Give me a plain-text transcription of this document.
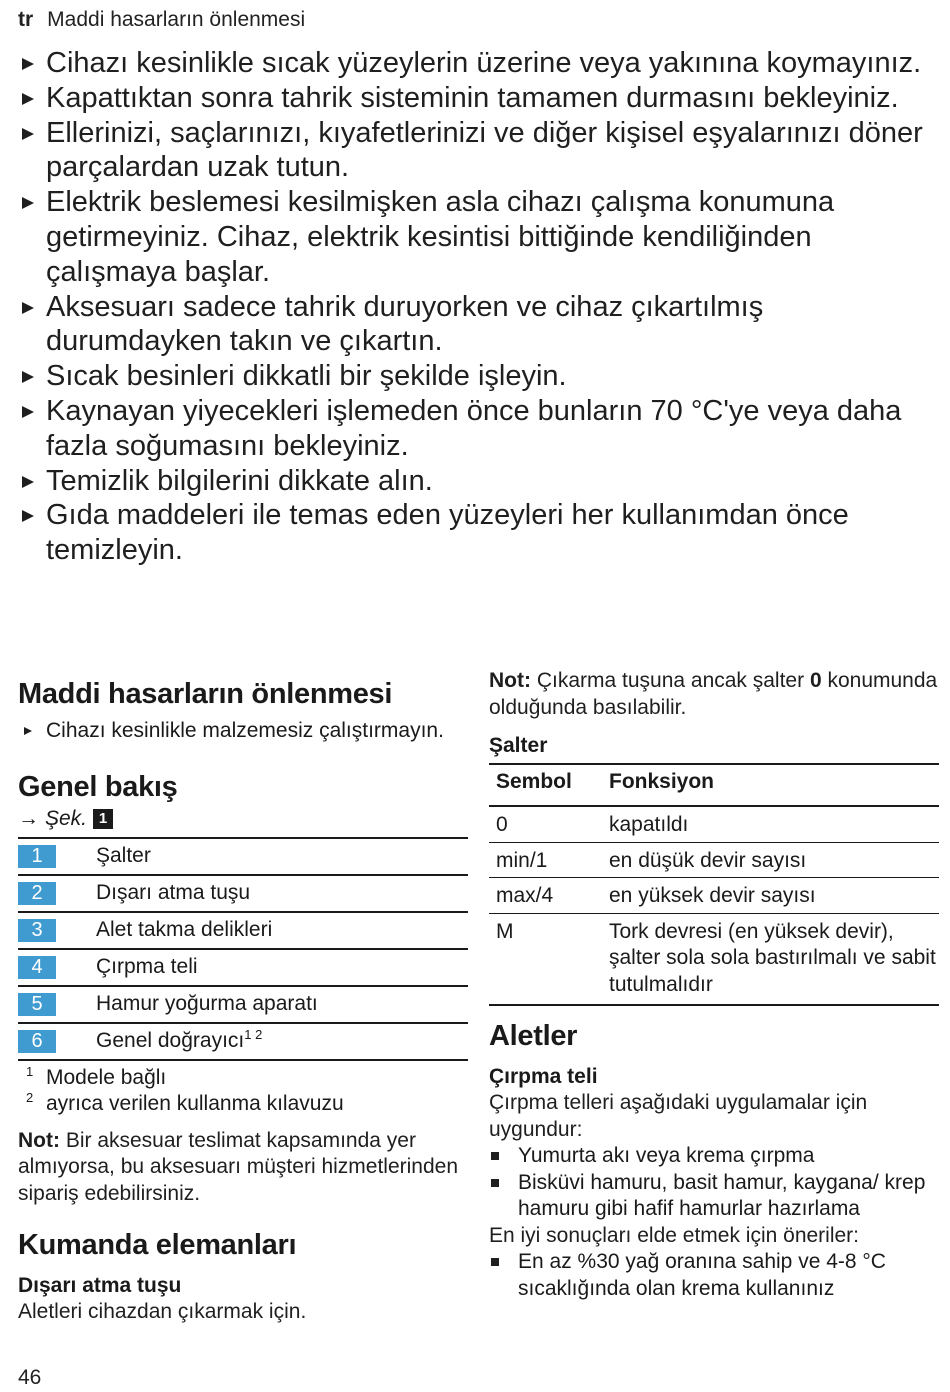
tr Maddi hasarların önlenmesi
Cihazı kesinlikle sıcak yüzeylerin üzerine veya yakınına koymayınız.
Kapattıktan sonra tahrik sisteminin tamamen durmasını bekleyiniz.
Ellerinizi, saçlarınızı, kıyafetlerinizi ve diğer kişisel eşyalarınızı döner parçalardan uzak tutun.
Elektrik beslemesi kesilmişken asla cihazı çalışma konumuna getirmeyiniz. Cihaz, elektrik kesintisi bittiğinde kendiliğinden çalışmaya başlar.
Aksesuarı sadece tahrik duruyorken ve cihaz çıkartılmış durumdayken takın ve çıkartın.
Sıcak besinleri dikkatli bir şekilde işleyin.
Kaynayan yiyecekleri işlemeden önce bunların 70 °C'ye veya daha fazla soğumasını bekleyiniz.
Temizlik bilgilerini dikkate alın.
Gıda maddeleri ile temas eden yüzeyleri her kullanımdan önce temizleyin.
Maddi hasarların önlenmesi
Cihazı kesinlikle malzemesiz çalıştırmayın.
Genel bakış
→ Şek. 1
1	Şalter
2	Dışarı atma tuşu
3	Alet takma delikleri
4	Çırpma teli
5	Hamur yoğurma aparatı
6	Genel doğrayıcı$^{1 2}$
1 Modele bağlı
2 ayrıca verilen kullanma kılavuzu

Not: Bir aksesuar teslimat kapsamında yer almıyorsa, bu aksesuarı müşteri hizmetlerinden sipariş edebilirsiniz.

Kumanda elemanları
Dışarı atma tuşu

Aletleri cihazdan çıkarmak için.

Not: Çıkarma tuşuna ancak şalter 0 konumunda olduğunda basılabilir.

Şalter
Sembol	Fonksiyon
0	kapatıldı
min/1	en düşük devir sayısı
max/4	en yüksek devir sayısı
M	Tork devresi (en yüksek devir), şalter sola sola bastırılmalı ve sabit tutulmalıdır
Aletler
Çırpma teli

Çırpma telleri aşağıdaki uygulamalar için uygundur:

Yumurta akı veya krema çırpma
Bisküvi hamuru, basit hamur, kaygana/ krep hamuru gibi hafif hamurlar hazırlama

En iyi sonuçları elde etmek için öneriler:

En az %30 yağ oranına sahip ve 4-8 °C sıcaklığında olan krema kullanınız
46
